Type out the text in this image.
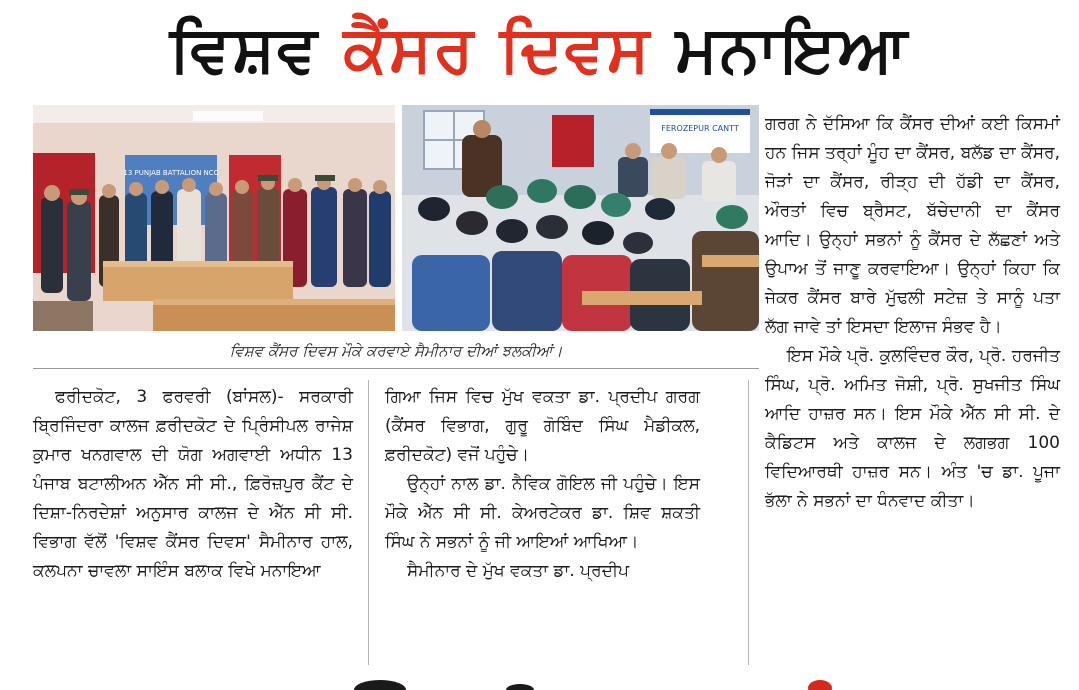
ਵਿਸ਼ਵ ਕੈਂਸਰ ਦਿਵਸ ਮਨਾਇਆ
13 PUNJAB BATTALION NCC
FEROZEPUR CANTT
ਵਿਸ਼ਵ ਕੈਂਸਰ ਦਿਵਸ ਮੌਕੇ ਕਰਵਾਏ ਸੈਮੀਨਾਰ ਦੀਆਂ ਝਲਕੀਆਂ।

ਫਰੀਦਕੋਟ, 3 ਫਰਵਰੀ (ਬਾਂਸਲ)- ਸਰਕਾਰੀ ਬ੍ਰਿਜਿੰਦਰਾ ਕਾਲਜ ਫ਼ਰੀਦਕੋਟ ਦੇ ਪ੍ਰਿੰਸੀਪਲ ਰਾਜੇਸ਼ ਕੁਮਾਰ ਖਨਗਵਾਲ ਦੀ ਯੋਗ ਅਗਵਾਈ ਅਧੀਨ 13 ਪੰਜਾਬ ਬਟਾਲੀਅਨ ਐੱਨ ਸੀ ਸੀ., ਫ਼ਿਰੋਜ਼ਪੁਰ ਕੈਂਟ ਦੇ ਦਿਸ਼ਾ-ਨਿਰਦੇਸ਼ਾਂ ਅਨੁਸਾਰ ਕਾਲਜ ਦੇ ਐੱਨ ਸੀ ਸੀ. ਵਿਭਾਗ ਵੱਲੋਂ 'ਵਿਸ਼ਵ ਕੈਂਸਰ ਦਿਵਸ' ਸੈਮੀਨਾਰ ਹਾਲ, ਕਲਪਨਾ ਚਾਵਲਾ ਸਾਇੰਸ ਬਲਾਕ ਵਿਖੇ ਮਨਾਇਆ

ਗਿਆ ਜਿਸ ਵਿਚ ਮੁੱਖ ਵਕਤਾ ਡਾ. ਪ੍ਰਦੀਪ ਗਰਗ (ਕੈਂਸਰ ਵਿਭਾਗ, ਗੁਰੂ ਗੋਬਿੰਦ ਸਿੰਘ ਮੈਡੀਕਲ, ਫ਼ਰੀਦਕੋਟ) ਵਜੋਂ ਪਹੁੰਚੇ।

ਉਨ੍ਹਾਂ ਨਾਲ ਡਾ. ਨੈਵਿਕ ਗੋਇਲ ਜੀ ਪਹੁੰਚੇ। ਇਸ ਮੌਕੇ ਐੱਨ ਸੀ ਸੀ. ਕੇਅਰਟੇਕਰ ਡਾ. ਸ਼ਿਵ ਸ਼ਕਤੀ ਸਿੰਘ ਨੇ ਸਭਨਾਂ ਨੂੰ ਜੀ ਆਇਆਂ ਆਖਿਆ।

ਸੈਮੀਨਾਰ ਦੇ ਮੁੱਖ ਵਕਤਾ ਡਾ. ਪ੍ਰਦੀਪ

ਗਰਗ ਨੇ ਦੱਸਿਆ ਕਿ ਕੈਂਸਰ ਦੀਆਂ ਕਈ ਕਿਸਮਾਂ ਹਨ ਜਿਸ ਤਰ੍ਹਾਂ ਮੂੰਹ ਦਾ ਕੈਂਸਰ, ਬਲੱਡ ਦਾ ਕੈਂਸਰ, ਜੋੜਾਂ ਦਾ ਕੈਂਸਰ, ਰੀੜ੍ਹ ਦੀ ਹੱਡੀ ਦਾ ਕੈਂਸਰ, ਔਰਤਾਂ ਵਿਚ ਬ੍ਰੈਸਟ, ਬੱਚੇਦਾਨੀ ਦਾ ਕੈਂਸਰ ਆਦਿ। ਉਨ੍ਹਾਂ ਸਭਨਾਂ ਨੂੰ ਕੈਂਸਰ ਦੇ ਲੱਛਣਾਂ ਅਤੇ ਉਪਾਅ ਤੋਂ ਜਾਣੂ ਕਰਵਾਇਆ। ਉਨ੍ਹਾਂ ਕਿਹਾ ਕਿ ਜੇਕਰ ਕੈਂਸਰ ਬਾਰੇ ਮੁੱਢਲੀ ਸਟੇਜ਼ ਤੇ ਸਾਨੂੰ ਪਤਾ ਲੱਗ ਜਾਵੇ ਤਾਂ ਇਸਦਾ ਇਲਾਜ ਸੰਭਵ ਹੈ।

ਇਸ ਮੌਕੇ ਪ੍ਰੋ. ਕੁਲਵਿੰਦਰ ਕੌਰ, ਪ੍ਰੋ. ਹਰਜੀਤ ਸਿੰਘ, ਪ੍ਰੋ. ਅਮਿਤ ਜੋਸ਼ੀ, ਪ੍ਰੋ. ਸੁਖਜੀਤ ਸਿੰਘ ਆਦਿ ਹਾਜ਼ਰ ਸਨ। ਇਸ ਮੌਕੇ ਐੱਨ ਸੀ ਸੀ. ਦੇ ਕੈਡਿਟਸ ਅਤੇ ਕਾਲਜ ਦੇ ਲਗਭਗ 100 ਵਿਦਿਆਰਥੀ ਹਾਜ਼ਰ ਸਨ। ਅੰਤ 'ਚ ਡਾ. ਪੂਜਾ ਭੱਲਾ ਨੇ ਸਭਨਾਂ ਦਾ ਧੰਨਵਾਦ ਕੀਤਾ।
